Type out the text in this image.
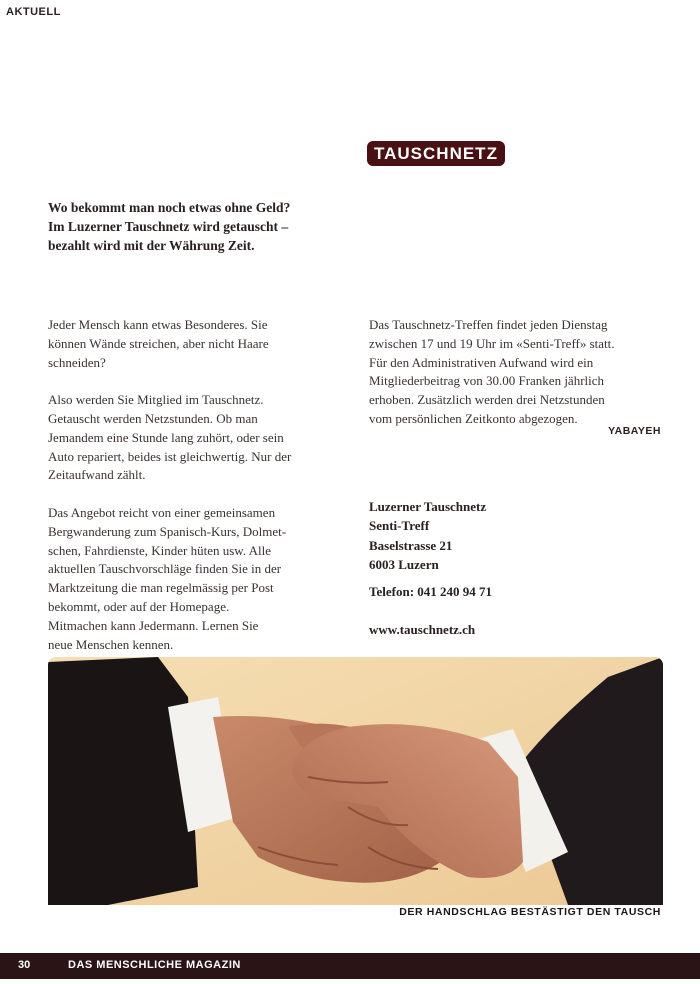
AKTUELL
TAUSCHNETZ
Wo bekommt man noch etwas ohne Geld?
Im Luzerner Tauschnetz wird getauscht –
bezahlt wird mit der Währung Zeit.

Jeder Mensch kann etwas Besonderes. Sie
können Wände streichen, aber nicht Haare
schneiden?

Also werden Sie Mitglied im Tauschnetz.
Getauscht werden Netzstunden. Ob man
Jemandem eine Stunde lang zuhört, oder sein
Auto repariert, beides ist gleichwertig. Nur der
Zeitaufwand zählt.

Das Angebot reicht von einer gemeinsamen
Bergwanderung zum Spanisch-Kurs, Dolmet-
schen, Fahrdienste, Kinder hüten usw. Alle
aktuellen Tauschvorschläge finden Sie in der
Marktzeitung die man regelmässig per Post
bekommt, oder auf der Homepage.
Mitmachen kann Jedermann. Lernen Sie
neue Menschen kennen.

Das Tauschnetz-Treffen findet jeden Dienstag
zwischen 17 und 19 Uhr im «Senti-Treff» statt.
Für den Administrativen Aufwand wird ein
Mitgliederbeitrag von 30.00 Franken jährlich
erhoben. Zusätzlich werden drei Netzstunden
vom persönlichen Zeitkonto abgezogen.

YABAYEH
Luzerner Tauschnetz
Senti-Treff
Baselstrasse 21
6003 Luzern
Telefon: 041 240 94 71
www.tauschnetz.ch
DER HANDSCHLAG BESTÄSTIGT DEN TAUSCH
30	DAS MENSCHLICHE MAGAZIN
